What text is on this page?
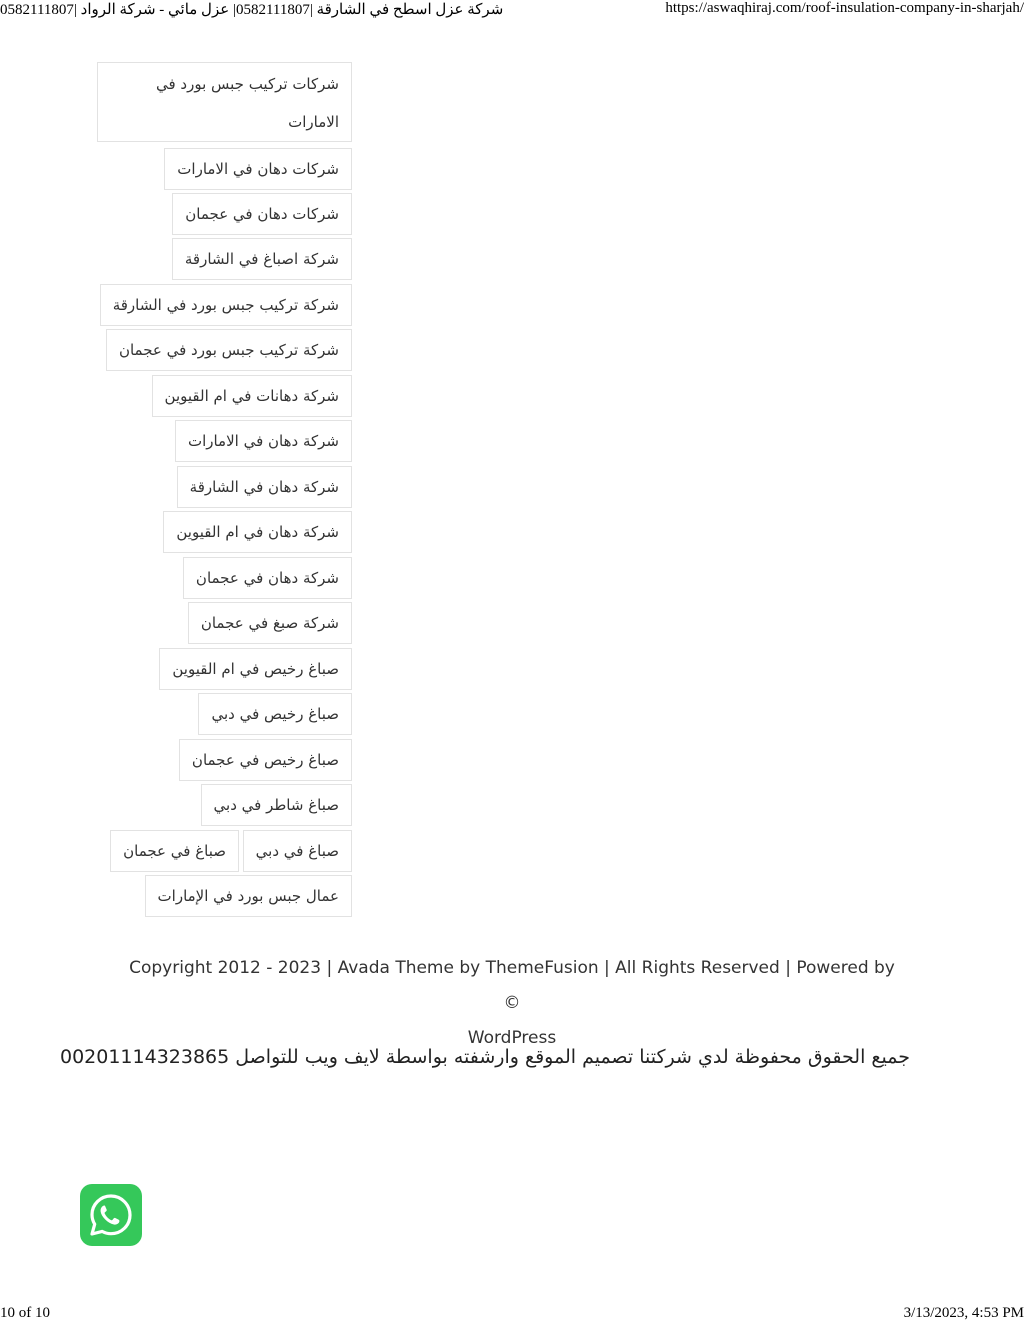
شركة عزل اسطح في الشارقة |0582111807| عزل مائي - شركة الرواد |0582111807	https://aswaqhiraj.com/roof-insulation-company-in-sharjah/
شركات تركيب جبس بورد في الامارات
شركات دهان في الامارات
شركات دهان في عجمان
شركة اصباغ في الشارقة
شركة تركيب جبس بورد في الشارقة
شركة تركيب جبس بورد في عجمان
شركة دهانات في ام القيوين
شركة دهان في الامارات
شركة دهان في الشارقة
شركة دهان في ام القيوين
شركة دهان في عجمان
شركة صبغ في عجمان
صباغ رخيص في ام القيوين
صباغ رخيص في دبي
صباغ رخيص في عجمان
صباغ شاطر في دبي
صباغ في دبي
صباغ في عجمان
عمال جبس بورد في الإمارات
Copyright 2012 - 2023 | Avada Theme by ThemeFusion | All Rights Reserved | Powered by ©
WordPress
جميع الحقوق محفوظة لدي شركتنا تصميم الموقع وارشفته بواسطة لايف ويب للتواصل 00201114323865
10 of 10	3/13/2023, 4:53 PM
